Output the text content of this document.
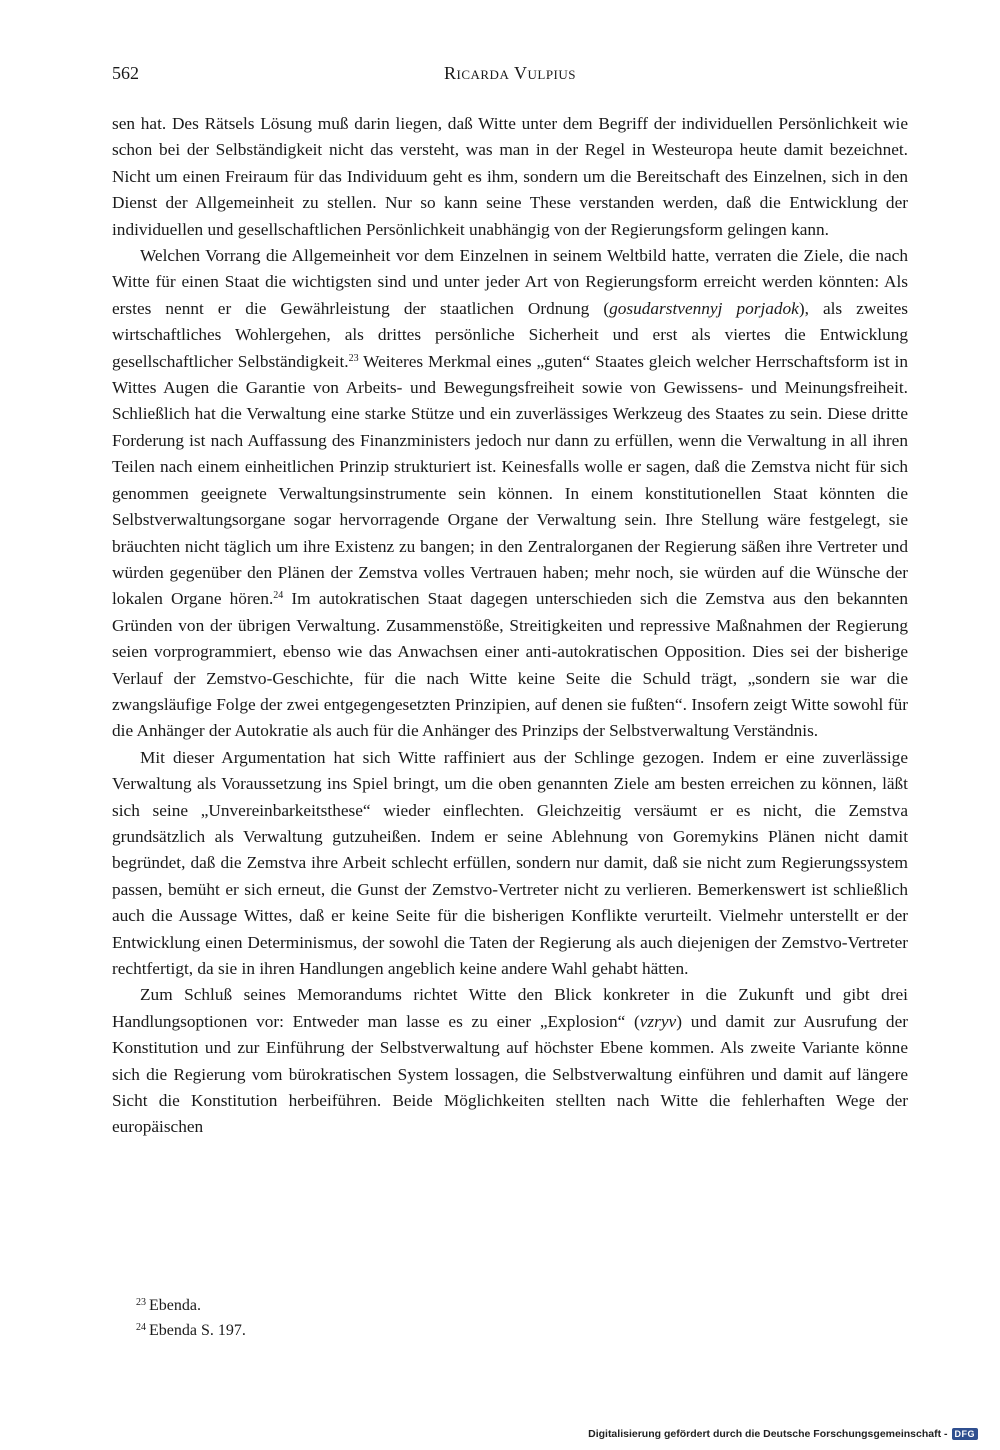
562	Ricarda Vulpius

sen hat. Des Rätsels Lösung muß darin liegen, daß Witte unter dem Begriff der individuellen Persönlichkeit wie schon bei der Selbständigkeit nicht das versteht, was man in der Regel in Westeuropa heute damit bezeichnet. Nicht um einen Freiraum für das Individuum geht es ihm, sondern um die Bereitschaft des Einzelnen, sich in den Dienst der Allgemeinheit zu stellen. Nur so kann seine These verstanden werden, daß die Entwicklung der individuellen und gesellschaftlichen Persönlichkeit unabhängig von der Regierungsform gelingen kann.

Welchen Vorrang die Allgemeinheit vor dem Einzelnen in seinem Weltbild hatte, verraten die Ziele, die nach Witte für einen Staat die wichtigsten sind und unter jeder Art von Regierungsform erreicht werden könnten: Als erstes nennt er die Gewährleistung der staatlichen Ordnung (gosudarstvennyj porjadok), als zweites wirtschaftliches Wohlergehen, als drittes persönliche Sicherheit und erst als viertes die Entwicklung gesellschaftlicher Selbständigkeit.$^{23}$ Weiteres Merkmal eines „guten“ Staates gleich welcher Herrschaftsform ist in Wittes Augen die Garantie von Arbeits- und Bewegungsfreiheit sowie von Gewissens- und Meinungsfreiheit. Schließlich hat die Verwaltung eine starke Stütze und ein zuverlässiges Werkzeug des Staates zu sein. Diese dritte Forderung ist nach Auffassung des Finanzministers jedoch nur dann zu erfüllen, wenn die Verwaltung in all ihren Teilen nach einem einheitlichen Prinzip strukturiert ist. Keinesfalls wolle er sagen, daß die Zemstva nicht für sich genommen geeignete Verwaltungsinstrumente sein können. In einem konstitutionellen Staat könnten die Selbstverwaltungsorgane sogar hervorragende Organe der Verwaltung sein. Ihre Stellung wäre festgelegt, sie bräuchten nicht täglich um ihre Existenz zu bangen; in den Zentralorganen der Regierung säßen ihre Vertreter und würden gegenüber den Plänen der Zemstva volles Vertrauen haben; mehr noch, sie würden auf die Wünsche der lokalen Organe hören.$^{24}$ Im autokratischen Staat dagegen unterschieden sich die Zemstva aus den bekannten Gründen von der übrigen Verwaltung. Zusammenstöße, Streitigkeiten und repressive Maßnahmen der Regierung seien vorprogrammiert, ebenso wie das Anwachsen einer anti-autokratischen Opposition. Dies sei der bisherige Verlauf der Zemstvo-Geschichte, für die nach Witte keine Seite die Schuld trägt, „sondern sie war die zwangsläufige Folge der zwei entgegengesetzten Prinzipien, auf denen sie fußten“. Insofern zeigt Witte sowohl für die Anhänger der Autokratie als auch für die Anhänger des Prinzips der Selbstverwaltung Verständnis.

Mit dieser Argumentation hat sich Witte raffiniert aus der Schlinge gezogen. Indem er eine zuverlässige Verwaltung als Voraussetzung ins Spiel bringt, um die oben genannten Ziele am besten erreichen zu können, läßt sich seine „Unvereinbarkeitsthese“ wieder einflechten. Gleichzeitig versäumt er es nicht, die Zemstva grundsätzlich als Verwaltung gutzuheißen. Indem er seine Ablehnung von Goremykins Plänen nicht damit begründet, daß die Zemstva ihre Arbeit schlecht erfüllen, sondern nur damit, daß sie nicht zum Regierungssystem passen, bemüht er sich erneut, die Gunst der Zemstvo-Vertreter nicht zu verlieren. Bemerkenswert ist schließlich auch die Aussage Wittes, daß er keine Seite für die bisherigen Konflikte verurteilt. Vielmehr unterstellt er der Entwicklung einen Determinismus, der sowohl die Taten der Regierung als auch diejenigen der Zemstvo-Vertreter rechtfertigt, da sie in ihren Handlungen angeblich keine andere Wahl gehabt hätten.

Zum Schluß seines Memorandums richtet Witte den Blick konkreter in die Zukunft und gibt drei Handlungsoptionen vor: Entweder man lasse es zu einer „Explosion“ (vzryv) und damit zur Ausrufung der Konstitution und zur Einführung der Selbstverwaltung auf höchster Ebene kommen. Als zweite Variante könne sich die Regierung vom bürokratischen System lossagen, die Selbstverwaltung einführen und damit auf längere Sicht die Konstitution herbeiführen. Beide Möglichkeiten stellten nach Witte die fehlerhaften Wege der europäischen

$^{23}$ Ebenda.
$^{24}$ Ebenda S. 197.
Digitalisierung gefördert durch die Deutsche Forschungsgemeinschaft - DFG
